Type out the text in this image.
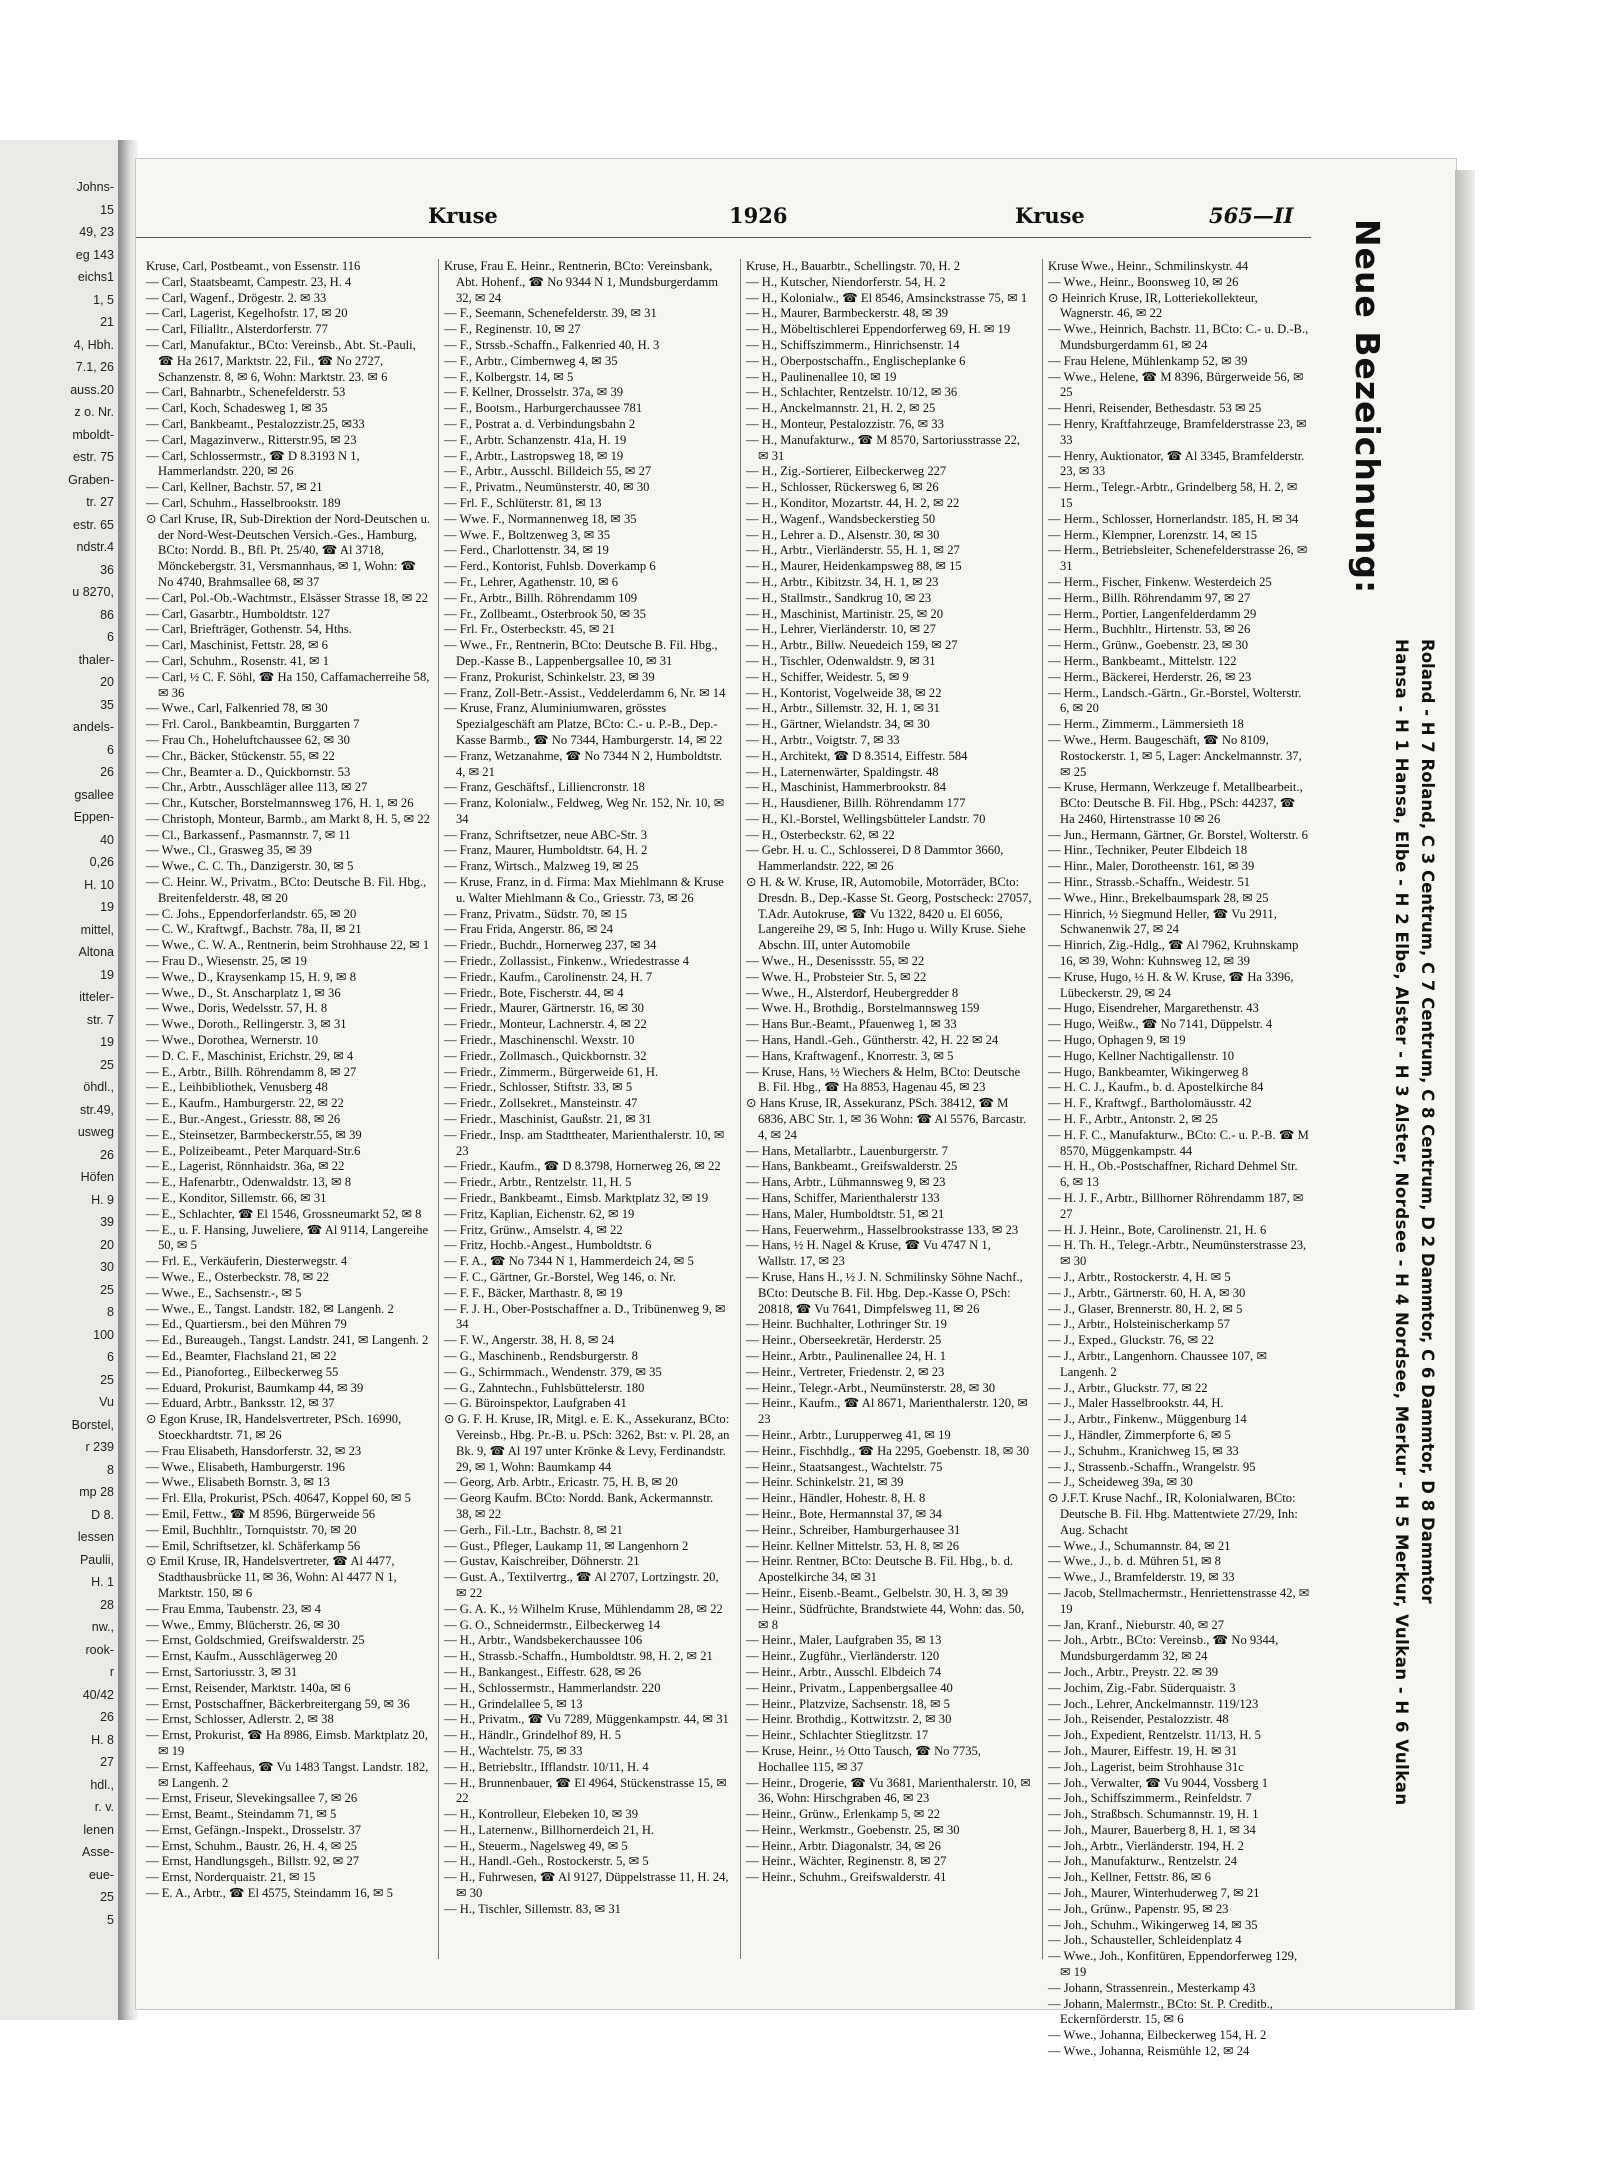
Johns-
15
49, 23
eg 143
eichs1
1, 5
21
4, Hbh.
7.1, 26
auss.20
z o. Nr.
mboldt-
estr. 75
Graben-
tr. 27
estr. 65
ndstr.4
36
u 8270,
86
6
thaler-
20
35
andels-
6
26
gsallee
Eppen-
40
0,26
H. 10
19
mittel,
Altona
19
itteler-
str. 7
19
25
öhdl.,
str.49,
usweg
26
Höfen
H. 9
39
20
30
25
8
100
6
25
Vu
Borstel,
r 239
8
mp 28
D 8.
lessen
Paulii,
H. 1
28
nw.,
rook-
r
40/42
26
H. 8
27
hdl.,
r. v.
lenen
Asse-
eue-
25
5
Kruse	1926	Kruse	565—II

Kruse, Carl, Postbeamt., von Essenstr. 116

— Carl, Staatsbeamt, Campestr. 23, H. 4

— Carl, Wagenf., Drögestr. 2. ✉ 33

— Carl, Lagerist, Kegelhofstr. 17, ✉ 20

— Carl, Filialltr., Alsterdorferstr. 77

— Carl, Manufaktur., BCto: Vereinsb., Abt. St.-Pauli, ☎ Ha 2617, Marktstr. 22, Fil., ☎ No 2727, Schanzenstr. 8, ✉ 6, Wohn: Marktstr. 23. ✉ 6

— Carl, Bahnarbtr., Schenefelderstr. 53

— Carl, Koch, Schadesweg 1, ✉ 35

— Carl, Bankbeamt., Pestalozzistr.25, ✉33

— Carl, Magazinverw., Ritterstr.95, ✉ 23

— Carl, Schlossermstr., ☎ D 8.3193 N 1, Hammerlandstr. 220, ✉ 26

— Carl, Kellner, Bachstr. 57, ✉ 21

— Carl, Schuhm., Hasselbrookstr. 189

⊙ Carl Kruse, IR, Sub-Direktion der Nord-Deutschen u. der Nord-West-Deutschen Versich.-Ges., Hamburg, BCto: Nordd. B., Bfl. Pt. 25/40, ☎ Al 3718, Mönckebergstr. 31, Versmannhaus, ✉ 1, Wohn: ☎ No 4740, Brahmsallee 68, ✉ 37

— Carl, Pol.-Ob.-Wachtmstr., Elsässer Strasse 18, ✉ 22

— Carl, Gasarbtr., Humboldtstr. 127

— Carl, Briefträger, Gothenstr. 54, Hths.

— Carl, Maschinist, Fettstr. 28, ✉ 6

— Carl, Schuhm., Rosenstr. 41, ✉ 1

— Carl, ½ C. F. Söhl, ☎ Ha 150, Caffamacherreihe 58, ✉ 36

— Wwe., Carl, Falkenried 78, ✉ 30

— Frl. Carol., Bankbeamtin, Burggarten 7

— Frau Ch., Hoheluftchaussee 62, ✉ 30

— Chr., Bäcker, Stückenstr. 55, ✉ 22

— Chr., Beamter a. D., Quickbornstr. 53

— Chr., Arbtr., Ausschläger allee 113, ✉ 27

— Chr., Kutscher, Borstelmannsweg 176, H. 1, ✉ 26

— Christoph, Monteur, Barmb., am Markt 8, H. 5, ✉ 22

— Cl., Barkassenf., Pasmannstr. 7, ✉ 11

— Wwe., Cl., Grasweg 35, ✉ 39

— Wwe., C. C. Th., Danzigerstr. 30, ✉ 5

— C. Heinr. W., Privatm., BCto: Deutsche B. Fil. Hbg., Breitenfelderstr. 48, ✉ 20

— C. Johs., Eppendorferlandstr. 65, ✉ 20

— C. W., Kraftwgf., Bachstr. 78a, II, ✉ 21

— Wwe., C. W. A., Rentnerin, beim Strohhause 22, ✉ 1

— Frau D., Wiesenstr. 25, ✉ 19

— Wwe., D., Kraysenkamp 15, H. 9, ✉ 8

— Wwe., D., St. Anscharplatz 1, ✉ 36

— Wwe., Doris, Wedelsstr. 57, H. 8

— Wwe., Doroth., Rellingerstr. 3, ✉ 31

— Wwe., Dorothea, Wernerstr. 10

— D. C. F., Maschinist, Erichstr. 29, ✉ 4

— E., Arbtr., Billh. Röhrendamm 8, ✉ 27

— E., Leihbibliothek, Venusberg 48

— E., Kaufm., Hamburgerstr. 22, ✉ 22

— E., Bur.-Angest., Griesstr. 88, ✉ 26

— E., Steinsetzer, Barmbeckerstr.55, ✉ 39

— E., Polizeibeamt., Peter Marquard-Str.6

— E., Lagerist, Rönnhaidstr. 36a, ✉ 22

— E., Hafenarbtr., Odenwaldstr. 13, ✉ 8

— E., Konditor, Sillemstr. 66, ✉ 31

— E., Schlachter, ☎ El 1546, Grossneumarkt 52, ✉ 8

— E., u. F. Hansing, Juweliere, ☎ Al 9114, Langereihe 50, ✉ 5

— Frl. E., Verkäuferin, Diesterwegstr. 4

— Wwe., E., Osterbeckstr. 78, ✉ 22

— Wwe., E., Sachsenstr.-, ✉ 5

— Wwe., E., Tangst. Landstr. 182, ✉ Langenh. 2

— Ed., Quartiersm., bei den Mühren 79

— Ed., Bureaugeh., Tangst. Landstr. 241, ✉ Langenh. 2

— Ed., Beamter, Flachsland 21, ✉ 22

— Ed., Pianoforteg., Eilbeckerweg 55

— Eduard, Prokurist, Baumkamp 44, ✉ 39

— Eduard, Arbtr., Banksstr. 12, ✉ 37

⊙ Egon Kruse, IR, Handelsvertreter, PSch. 16990, Stoeckhardtstr. 71, ✉ 26

— Frau Elisabeth, Hansdorferstr. 32, ✉ 23

— Wwe., Elisabeth, Hamburgerstr. 196

— Wwe., Elisabeth Bornstr. 3, ✉ 13

— Frl. Ella, Prokurist, PSch. 40647, Koppel 60, ✉ 5

— Emil, Fettw., ☎ M 8596, Bürgerweide 56

— Emil, Buchhltr., Tornquiststr. 70, ✉ 20

— Emil, Schriftsetzer, kl. Schäferkamp 56

⊙ Emil Kruse, IR, Handelsvertreter, ☎ Al 4477, Stadthausbrücke 11, ✉ 36, Wohn: Al 4477 N 1, Marktstr. 150, ✉ 6

— Frau Emma, Taubenstr. 23, ✉ 4

— Wwe., Emmy, Blücherstr. 26, ✉ 30

— Ernst, Goldschmied, Greifswalderstr. 25

— Ernst, Kaufm., Ausschlägerweg 20

— Ernst, Sartoriusstr. 3, ✉ 31

— Ernst, Reisender, Marktstr. 140a, ✉ 6

— Ernst, Postschaffner, Bäckerbreitergang 59, ✉ 36

— Ernst, Schlosser, Adlerstr. 2, ✉ 38

— Ernst, Prokurist, ☎ Ha 8986, Eimsb. Marktplatz 20, ✉ 19

— Ernst, Kaffeehaus, ☎ Vu 1483 Tangst. Landstr. 182, ✉ Langenh. 2

— Ernst, Friseur, Slevekingsallee 7, ✉ 26

— Ernst, Beamt., Steindamm 71, ✉ 5

— Ernst, Gefängn.-Inspekt., Drosselstr. 37

— Ernst, Schuhm., Baustr. 26, H. 4, ✉ 25

— Ernst, Handlungsgeh., Billstr. 92, ✉ 27

— Ernst, Norderquaistr. 21, ✉ 15

— E. A., Arbtr., ☎ El 4575, Steindamm 16, ✉ 5

Kruse, Frau E. Heinr., Rentnerin, BCto: Vereinsbank, Abt. Hohenf., ☎ No 9344 N 1, Mundsburgerdamm 32, ✉ 24

— F., Seemann, Schenefelderstr. 39, ✉ 31

— F., Reginenstr. 10, ✉ 27

— F., Strssb.-Schaffn., Falkenried 40, H. 3

— F., Arbtr., Cimbernweg 4, ✉ 35

— F., Kolbergstr. 14, ✉ 5

— F. Kellner, Drosselstr. 37a, ✉ 39

— F., Bootsm., Harburgerchaussee 781

— F., Postrat a. d. Verbindungsbahn 2

— F., Arbtr. Schanzenstr. 41a, H. 19

— F., Arbtr., Lastropsweg 18, ✉ 19

— F., Arbtr., Ausschl. Billdeich 55, ✉ 27

— F., Privatm., Neumünsterstr. 40, ✉ 30

— Frl. F., Schlüterstr. 81, ✉ 13

— Wwe. F., Normannenweg 18, ✉ 35

— Wwe. F., Boltzenweg 3, ✉ 35

— Ferd., Charlottenstr. 34, ✉ 19

— Ferd., Kontorist, Fuhlsb. Doverkamp 6

— Fr., Lehrer, Agathenstr. 10, ✉ 6

— Fr., Arbtr., Billh. Röhrendamm 109

— Fr., Zollbeamt., Osterbrook 50, ✉ 35

— Frl. Fr., Osterbeckstr. 45, ✉ 21

— Wwe., Fr., Rentnerin, BCto: Deutsche B. Fil. Hbg., Dep.-Kasse B., Lappenbergsallee 10, ✉ 31

— Franz, Prokurist, Schinkelstr. 23, ✉ 39

— Franz, Zoll-Betr.-Assist., Veddelerdamm 6, Nr. ✉ 14

— Kruse, Franz, Aluminiumwaren, grösstes Spezialgeschäft am Platze, BCto: C.- u. P.-B., Dep.-Kasse Barmb., ☎ No 7344, Hamburgerstr. 14, ✉ 22

— Franz, Wetzanahme, ☎ No 7344 N 2, Humboldtstr. 4, ✉ 21

— Franz, Geschäftsf., Lilliencronstr. 18

— Franz, Kolonialw., Feldweg, Weg Nr. 152, Nr. 10, ✉ 34

— Franz, Schriftsetzer, neue ABC-Str. 3

— Franz, Maurer, Humboldtstr. 64, H. 2

— Franz, Wirtsch., Malzweg 19, ✉ 25

— Kruse, Franz, in d. Firma: Max Miehlmann & Kruse u. Walter Miehlmann & Co., Griesstr. 73, ✉ 26

— Franz, Privatm., Südstr. 70, ✉ 15

— Frau Frida, Angerstr. 86, ✉ 24

— Friedr., Buchdr., Hornerweg 237, ✉ 34

— Friedr., Zollassist., Finkenw., Wriedestrasse 4

— Friedr., Kaufm., Carolinenstr. 24, H. 7

— Friedr., Bote, Fischerstr. 44, ✉ 4

— Friedr., Maurer, Gärtnerstr. 16, ✉ 30

— Friedr., Monteur, Lachnerstr. 4, ✉ 22

— Friedr., Maschinenschl. Wexstr. 10

— Friedr., Zollmasch., Quickbornstr. 32

— Friedr., Zimmerm., Bürgerweide 61, H.

— Friedr., Schlosser, Stiftstr. 33, ✉ 5

— Friedr., Zollsekret., Mansteinstr. 47

— Friedr., Maschinist, Gaußstr. 21, ✉ 31

— Friedr., Insp. am Stadttheater, Marienthalerstr. 10, ✉ 23

— Friedr., Kaufm., ☎ D 8.3798, Hornerweg 26, ✉ 22

— Friedr., Arbtr., Rentzelstr. 11, H. 5

— Friedr., Bankbeamt., Eimsb. Marktplatz 32, ✉ 19

— Fritz, Kaplian, Eichenstr. 62, ✉ 19

— Fritz, Grünw., Amselstr. 4, ✉ 22

— Fritz, Hochb.-Angest., Humboldtstr. 6

— F. A., ☎ No 7344 N 1, Hammerdeich 24, ✉ 5

— F. C., Gärtner, Gr.-Borstel, Weg 146, o. Nr.

— F. F., Bäcker, Marthastr. 8, ✉ 19

— F. J. H., Ober-Postschaffner a. D., Tribünenweg 9, ✉ 34

— F. W., Angerstr. 38, H. 8, ✉ 24

— G., Maschinenb., Rendsburgerstr. 8

— G., Schirmmach., Wendenstr. 379, ✉ 35

— G., Zahntechn., Fuhlsbüttelerstr. 180

— G. Büroinspektor, Laufgraben 41

⊙ G. F. H. Kruse, IR, Mitgl. e. E. K., Assekuranz, BCto: Vereinsb., Hbg. Pr.-B. u. PSch: 3262, Bst: v. Pl. 28, an Bk. 9, ☎ Al 197 unter Krönke & Levy, Ferdinandstr. 29, ✉ 1, Wohn: Baumkamp 44

— Georg, Arb. Arbtr., Ericastr. 75, H. B, ✉ 20

— Georg Kaufm. BCto: Nordd. Bank, Ackermannstr. 38, ✉ 22

— Gerh., Fil.-Ltr., Bachstr. 8, ✉ 21

— Gust., Pfleger, Laukamp 11, ✉ Langenhorn 2

— Gustav, Kaischreiber, Döhnerstr. 21

— Gust. A., Textilvertrg., ☎ Al 2707, Lortzingstr. 20, ✉ 22

— G. A. K., ½ Wilhelm Kruse, Mühlendamm 28, ✉ 22

— G. O., Schneidermstr., Eilbeckerweg 14

— H., Arbtr., Wandsbekerchaussee 106

— H., Strassb.-Schaffn., Humboldtstr. 98, H. 2, ✉ 21

— H., Bankangest., Eiffestr. 628, ✉ 26

— H., Schlossermstr., Hammerlandstr. 220

— H., Grindelallee 5, ✉ 13

— H., Privatm., ☎ Vu 7289, Müggenkampstr. 44, ✉ 31

— H., Händlr., Grindelhof 89, H. 5

— H., Wachtelstr. 75, ✉ 33

— H., Betriebsltr., Ifflandstr. 10/11, H. 4

— H., Brunnenbauer, ☎ El 4964, Stückenstrasse 15, ✉ 22

— H., Kontrolleur, Elebeken 10, ✉ 39

— H., Laternenw., Billhornerdeich 21, H.

— H., Steuerm., Nagelsweg 49, ✉ 5

— H., Handl.-Geh., Rostockerstr. 5, ✉ 5

— H., Fuhrwesen, ☎ Al 9127, Düppelstrasse 11, H. 24, ✉ 30

— H., Tischler, Sillemstr. 83, ✉ 31

Kruse, H., Bauarbtr., Schellingstr. 70, H. 2

— H., Kutscher, Niendorferstr. 54, H. 2

— H., Kolonialw., ☎ El 8546, Amsinckstrasse 75, ✉ 1

— H., Maurer, Barmbeckerstr. 48, ✉ 39

— H., Möbeltischlerei Eppendorferweg 69, H. ✉ 19

— H., Schiffszimmerm., Hinrichsenstr. 14

— H., Oberpostschaffn., Englischeplanke 6

— H., Paulinenallee 10, ✉ 19

— H., Schlachter, Rentzelstr. 10/12, ✉ 36

— H., Anckelmannstr. 21, H. 2, ✉ 25

— H., Monteur, Pestalozzistr. 76, ✉ 33

— H., Manufakturw., ☎ M 8570, Sartoriusstrasse 22, ✉ 31

— H., Zig.-Sortierer, Eilbeckerweg 227

— H., Schlosser, Rückersweg 6, ✉ 26

— H., Konditor, Mozartstr. 44, H. 2, ✉ 22

— H., Wagenf., Wandsbeckerstieg 50

— H., Lehrer a. D., Alsenstr. 30, ✉ 30

— H., Arbtr., Vierländerstr. 55, H. 1, ✉ 27

— H., Maurer, Heidenkampsweg 88, ✉ 15

— H., Arbtr., Kibitzstr. 34, H. 1, ✉ 23

— H., Stallmstr., Sandkrug 10, ✉ 23

— H., Maschinist, Martinistr. 25, ✉ 20

— H., Lehrer, Vierländerstr. 10, ✉ 27

— H., Arbtr., Billw. Neuedeich 159, ✉ 27

— H., Tischler, Odenwaldstr. 9, ✉ 31

— H., Schiffer, Weidestr. 5, ✉ 9

— H., Kontorist, Vogelweide 38, ✉ 22

— H., Arbtr., Sillemstr. 32, H. 1, ✉ 31

— H., Gärtner, Wielandstr. 34, ✉ 30

— H., Arbtr., Voigtstr. 7, ✉ 33

— H., Architekt, ☎ D 8.3514, Eiffestr. 584

— H., Laternenwärter, Spaldingstr. 48

— H., Maschinist, Hammerbrookstr. 84

— H., Hausdiener, Billh. Röhrendamm 177

— H., Kl.-Borstel, Wellingsbütteler Landstr. 70

— H., Osterbeckstr. 62, ✉ 22

— Gebr. H. u. C., Schlosserei, D 8 Dammtor 3660, Hammerlandstr. 222, ✉ 26

⊙ H. & W. Kruse, IR, Automobile, Motorräder, BCto: Dresdn. B., Dep.-Kasse St. Georg, Postscheck: 27057, T.Adr. Autokruse, ☎ Vu 1322, 8420 u. El 6056, Langereihe 29, ✉ 5, Inh: Hugo u. Willy Kruse. Siehe Abschn. III, unter Automobile

— Wwe., H., Desenissstr. 55, ✉ 22

— Wwe. H., Probsteier Str. 5, ✉ 22

— Wwe., H., Alsterdorf, Heubergredder 8

— Wwe. H., Brothdig., Borstelmannsweg 159

— Hans Bur.-Beamt., Pfauenweg 1, ✉ 33

— Hans, Handl.-Geh., Güntherstr. 42, H. 22 ✉ 24

— Hans, Kraftwagenf., Knorrestr. 3, ✉ 5

— Kruse, Hans, ½ Wiechers & Helm, BCto: Deutsche B. Fil. Hbg., ☎ Ha 8853, Hagenau 45, ✉ 23

⊙ Hans Kruse, IR, Assekuranz, PSch. 38412, ☎ M 6836, ABC Str. 1, ✉ 36 Wohn: ☎ Al 5576, Barcastr. 4, ✉ 24

— Hans, Metallarbtr., Lauenburgerstr. 7

— Hans, Bankbeamt., Greifswalderstr. 25

— Hans, Arbtr., Lühmannsweg 9, ✉ 23

— Hans, Schiffer, Marienthalerstr 133

— Hans, Maler, Humboldtstr. 51, ✉ 21

— Hans, Feuerwehrm., Hasselbrookstrasse 133, ✉ 23

— Hans, ½ H. Nagel & Kruse, ☎ Vu 4747 N 1, Wallstr. 17, ✉ 23

— Kruse, Hans H., ½ J. N. Schmilinsky Söhne Nachf., BCto: Deutsche B. Fil. Hbg. Dep.-Kasse O, PSch: 20818, ☎ Vu 7641, Dimpfelsweg 11, ✉ 26

— Heinr. Buchhalter, Lothringer Str. 19

— Heinr., Oberseekretär, Herderstr. 25

— Heinr., Arbtr., Paulinenallee 24, H. 1

— Heinr., Vertreter, Friedenstr. 2, ✉ 23

— Heinr., Telegr.-Arbt., Neumünsterstr. 28, ✉ 30

— Heinr., Kaufm., ☎ Al 8671, Marienthalerstr. 120, ✉ 23

— Heinr., Arbtr., Lurupperweg 41, ✉ 19

— Heinr., Fischhdlg., ☎ Ha 2295, Goebenstr. 18, ✉ 30

— Heinr., Staatsangest., Wachtelstr. 75

— Heinr. Schinkelstr. 21, ✉ 39

— Heinr., Händler, Hohestr. 8, H. 8

— Heinr., Bote, Hermannstal 37, ✉ 34

— Heinr., Schreiber, Hamburgerhausee 31

— Heinr. Kellner Mittelstr. 53, H. 8, ✉ 26

— Heinr. Rentner, BCto: Deutsche B. Fil. Hbg., b. d. Apostelkirche 34, ✉ 31

— Heinr., Eisenb.-Beamt., Gelbelstr. 30, H. 3, ✉ 39

— Heinr., Südfrüchte, Brandstwiete 44, Wohn: das. 50, ✉ 8

— Heinr., Maler, Laufgraben 35, ✉ 13

— Heinr., Zugführ., Vierländerstr. 120

— Heinr., Arbtr., Ausschl. Elbdeich 74

— Heinr., Privatm., Lappenbergsallee 40

— Heinr., Platzvize, Sachsenstr. 18, ✉ 5

— Heinr. Brothdig., Kottwitzstr. 2, ✉ 30

— Heinr., Schlachter Stieglitzstr. 17

— Kruse, Heinr., ½ Otto Tausch, ☎ No 7735, Hochallee 115, ✉ 37

— Heinr., Drogerie, ☎ Vu 3681, Marienthalerstr. 10, ✉ 36, Wohn: Hirschgraben 46, ✉ 23

— Heinr., Grünw., Erlenkamp 5, ✉ 22

— Heinr., Werkmstr., Goebenstr. 25, ✉ 30

— Heinr., Arbtr. Diagonalstr. 34, ✉ 26

— Heinr., Wächter, Reginenstr. 8, ✉ 27

— Heinr., Schuhm., Greifswalderstr. 41

Kruse Wwe., Heinr., Schmilinskystr. 44

— Wwe., Heinr., Boonsweg 10, ✉ 26

⊙ Heinrich Kruse, IR, Lotteriekollekteur, Wagnerstr. 46, ✉ 22

— Wwe., Heinrich, Bachstr. 11, BCto: C.- u. D.-B., Mundsburgerdamm 61, ✉ 24

— Frau Helene, Mühlenkamp 52, ✉ 39

— Wwe., Helene, ☎ M 8396, Bürgerweide 56, ✉ 25

— Henri, Reisender, Bethesdastr. 53 ✉ 25

— Henry, Kraftfahrzeuge, Bramfelderstrasse 23, ✉ 33

— Henry, Auktionator, ☎ Al 3345, Bramfelderstr. 23, ✉ 33

— Herm., Telegr.-Arbtr., Grindelberg 58, H. 2, ✉ 15

— Herm., Schlosser, Hornerlandstr. 185, H. ✉ 34

— Herm., Klempner, Lorenzstr. 14, ✉ 15

— Herm., Betriebsleiter, Schenefelderstrasse 26, ✉ 31

— Herm., Fischer, Finkenw. Westerdeich 25

— Herm., Billh. Röhrendamm 97, ✉ 27

— Herm., Portier, Langenfelderdamm 29

— Herm., Buchhltr., Hirtenstr. 53, ✉ 26

— Herm., Grünw., Goebenstr. 23, ✉ 30

— Herm., Bankbeamt., Mittelstr. 122

— Herm., Bäckerei, Herderstr. 26, ✉ 23

— Herm., Landsch.-Gärtn., Gr.-Borstel, Wolterstr. 6, ✉ 20

— Herm., Zimmerm., Lämmersieth 18

— Wwe., Herm. Baugeschäft, ☎ No 8109, Rostockerstr. 1, ✉ 5, Lager: Anckelmannstr. 37, ✉ 25

— Kruse, Hermann, Werkzeuge f. Metallbearbeit., BCto: Deutsche B. Fil. Hbg., PSch: 44237, ☎ Ha 2460, Hirtenstrasse 10 ✉ 26

— Jun., Hermann, Gärtner, Gr. Borstel, Wolterstr. 6

— Hinr., Techniker, Peuter Elbdeich 18

— Hinr., Maler, Dorotheenstr. 161, ✉ 39

— Hinr., Strassb.-Schaffn., Weidestr. 51

— Wwe., Hinr., Brekelbaumspark 28, ✉ 25

— Hinrich, ½ Siegmund Heller, ☎ Vu 2911, Schwanenwik 27, ✉ 24

— Hinrich, Zig.-Hdlg., ☎ Al 7962, Kruhnskamp 16, ✉ 39, Wohn: Kuhnsweg 12, ✉ 39

— Kruse, Hugo, ½ H. & W. Kruse, ☎ Ha 3396, Lübeckerstr. 29, ✉ 24

— Hugo, Eisendreher, Margarethenstr. 43

— Hugo, Weißw., ☎ No 7141, Düppelstr. 4

— Hugo, Ophagen 9, ✉ 19

— Hugo, Kellner Nachtigallenstr. 10

— Hugo, Bankbeamter, Wikingerweg 8

— H. C. J., Kaufm., b. d. Apostelkirche 84

— H. F., Kraftwgf., Bartholomäusstr. 42

— H. F., Arbtr., Antonstr. 2, ✉ 25

— H. F. C., Manufakturw., BCto: C.- u. P.-B. ☎ M 8570, Müggenkampstr. 44

— H. H., Ob.-Postschaffner, Richard Dehmel Str. 6, ✉ 13

— H. J. F., Arbtr., Billhorner Röhrendamm 187, ✉ 27

— H. J. Heinr., Bote, Carolinenstr. 21, H. 6

— H. Th. H., Telegr.-Arbtr., Neumünsterstrasse 23, ✉ 30

— J., Arbtr., Rostockerstr. 4, H. ✉ 5

— J., Arbtr., Gärtnerstr. 60, H. A, ✉ 30

— J., Glaser, Brennerstr. 80, H. 2, ✉ 5

— J., Arbtr., Holsteinischerkamp 57

— J., Exped., Gluckstr. 76, ✉ 22

— J., Arbtr., Langenhorn. Chaussee 107, ✉ Langenh. 2

— J., Arbtr., Gluckstr. 77, ✉ 22

— J., Maler Hasselbrookstr. 44, H.

— J., Arbtr., Finkenw., Müggenburg 14

— J., Händler, Zimmerpforte 6, ✉ 5

— J., Schuhm., Kranichweg 15, ✉ 33

— J., Strassenb.-Schaffn., Wrangelstr. 95

— J., Scheideweg 39a, ✉ 30

⊙ J.F.T. Kruse Nachf., IR, Kolonialwaren, BCto: Deutsche B. Fil. Hbg. Mattentwiete 27/29, Inh: Aug. Schacht

— Wwe., J., Schumannstr. 84, ✉ 21

— Wwe., J., b. d. Mühren 51, ✉ 8

— Wwe., J., Bramfelderstr. 19, ✉ 33

— Jacob, Stellmachermstr., Henriettenstrasse 42, ✉ 19

— Jan, Kranf., Nieburstr. 40, ✉ 27

— Joh., Arbtr., BCto: Vereinsb., ☎ No 9344, Mundsburgerdamm 32, ✉ 24

— Joch., Arbtr., Preystr. 22. ✉ 39

— Jochim, Zig.-Fabr. Süderquaistr. 3

— Joch., Lehrer, Anckelmannstr. 119/123

— Joh., Reisender, Pestalozzistr. 48

— Joh., Expedient, Rentzelstr. 11/13, H. 5

— Joh., Maurer, Eiffestr. 19, H. ✉ 31

— Joh., Lagerist, beim Strohhause 31c

— Joh., Verwalter, ☎ Vu 9044, Vossberg 1

— Joh., Schiffszimmerm., Reinfeldstr. 7

— Joh., Straßbsch. Schumannstr. 19, H. 1

— Joh., Maurer, Bauerberg 8, H. 1, ✉ 34

— Joh., Arbtr., Vierländerstr. 194, H. 2

— Joh., Manufakturw., Rentzelstr. 24

— Joh., Kellner, Fettstr. 86, ✉ 6

— Joh., Maurer, Winterhuderweg 7, ✉ 21

— Joh., Grünw., Papenstr. 95, ✉ 23

— Joh., Schuhm., Wikingerweg 14, ✉ 35

— Joh., Schausteller, Schleidenplatz 4

— Wwe., Joh., Konfitüren, Eppendorferweg 129, ✉ 19

— Johann, Strassenrein., Mesterkamp 43

— Johann, Malermstr., BCto: St. P. Creditb., Eckernförderstr. 15, ✉ 6

— Wwe., Johanna, Eilbeckerweg 154, H. 2

— Wwe., Johanna, Reismühle 12, ✉ 24

Neue Bezeichnung:
Hansa - H 1 Hansa, Elbe - H 2 Elbe, Alster - H 3 Alster, Nordsee - H 4 Nordsee, Merkur - H 5 Merkur, Vulkan - H 6 Vulkan Roland - H 7 Roland, C 3 Centrum, C 7 Centrum, C 8 Centrum, D 2 Dammtor, C 6 Dammtor, D 8 Dammtor
